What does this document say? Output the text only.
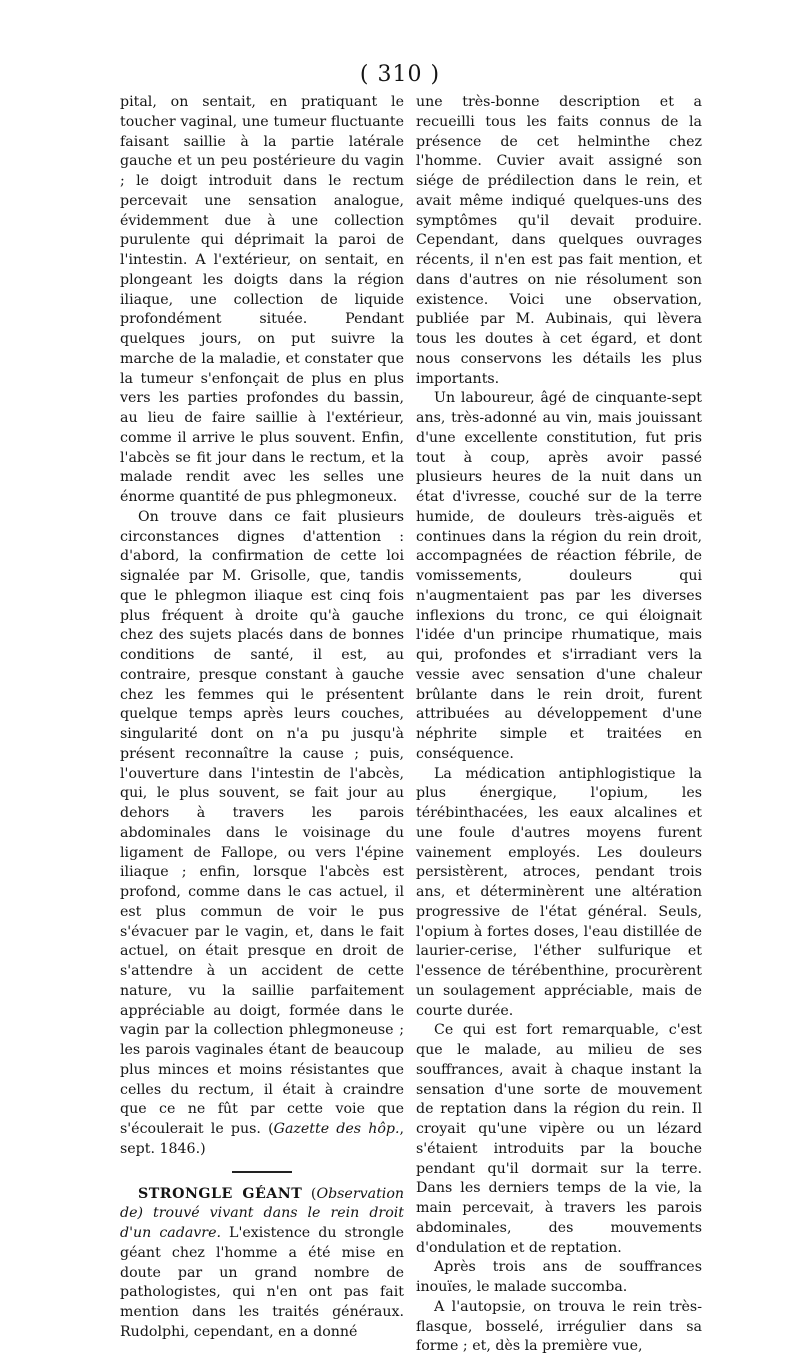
( 310 )

pital, on sentait, en pratiquant le toucher vaginal, une tumeur fluctuante faisant saillie à la partie latérale gauche et un peu postérieure du vagin ; le doigt introduit dans le rectum percevait une sensation analogue, évidemment due à une collection purulente qui déprimait la paroi de l'intestin. A l'extérieur, on sentait, en plongeant les doigts dans la région iliaque, une collection de liquide profondément située. Pendant quelques jours, on put suivre la marche de la maladie, et constater que la tumeur s'enfonçait de plus en plus vers les parties profondes du bassin, au lieu de faire saillie à l'extérieur, comme il arrive le plus souvent. Enfin, l'abcès se fit jour dans le rectum, et la malade rendit avec les selles une énorme quantité de pus phlegmoneux.

On trouve dans ce fait plusieurs circonstances dignes d'attention : d'abord, la confirmation de cette loi signalée par M. Grisolle, que, tandis que le phlegmon iliaque est cinq fois plus fréquent à droite qu'à gauche chez des sujets placés dans de bonnes conditions de santé, il est, au contraire, presque constant à gauche chez les femmes qui le présentent quelque temps après leurs couches, singularité dont on n'a pu jusqu'à présent reconnaître la cause ; puis, l'ouverture dans l'intestin de l'abcès, qui, le plus souvent, se fait jour au dehors à travers les parois abdominales dans le voisinage du ligament de Fallope, ou vers l'épine iliaque ; enfin, lorsque l'abcès est profond, comme dans le cas actuel, il est plus commun de voir le pus s'évacuer par le vagin, et, dans le fait actuel, on était presque en droit de s'attendre à un accident de cette nature, vu la saillie parfaitement appréciable au doigt, formée dans le vagin par la collection phlegmoneuse ; les parois vaginales étant de beaucoup plus minces et moins résistantes que celles du rectum, il était à craindre que ce ne fût par cette voie que s'écoulerait le pus. (Gazette des hôp., sept. 1846.)

STRONGLE GÉANT (Observation de) trouvé vivant dans le rein droit d'un cadavre. L'existence du strongle géant chez l'homme a été mise en doute par un grand nombre de pathologistes, qui n'en ont pas fait mention dans les traités généraux. Rudolphi, cependant, en a donné

une très-bonne description et a recueilli tous les faits connus de la présence de cet helminthe chez l'homme. Cuvier avait assigné son siége de prédilection dans le rein, et avait même indiqué quelques-uns des symptômes qu'il devait produire. Cependant, dans quelques ouvrages récents, il n'en est pas fait mention, et dans d'autres on nie résolument son existence. Voici une observation, publiée par M. Aubinais, qui lèvera tous les doutes à cet égard, et dont nous conservons les détails les plus importants.

Un laboureur, âgé de cinquante-sept ans, très-adonné au vin, mais jouissant d'une excellente constitution, fut pris tout à coup, après avoir passé plusieurs heures de la nuit dans un état d'ivresse, couché sur de la terre humide, de douleurs très-aiguës et continues dans la région du rein droit, accompagnées de réaction fébrile, de vomissements, douleurs qui n'augmentaient pas par les diverses inflexions du tronc, ce qui éloignait l'idée d'un principe rhumatique, mais qui, profondes et s'irradiant vers la vessie avec sensation d'une chaleur brûlante dans le rein droit, furent attribuées au développement d'une néphrite simple et traitées en conséquence.

La médication antiphlogistique la plus énergique, l'opium, les térébinthacées, les eaux alcalines et une foule d'autres moyens furent vainement employés. Les douleurs persistèrent, atroces, pendant trois ans, et déterminèrent une altération progressive de l'état général. Seuls, l'opium à fortes doses, l'eau distillée de laurier-cerise, l'éther sulfurique et l'essence de térébenthine, procurèrent un soulagement appréciable, mais de courte durée.

Ce qui est fort remarquable, c'est que le malade, au milieu de ses souffrances, avait à chaque instant la sensation d'une sorte de mouvement de reptation dans la région du rein. Il croyait qu'une vipère ou un lézard s'étaient introduits par la bouche pendant qu'il dormait sur la terre. Dans les derniers temps de la vie, la main percevait, à travers les parois abdominales, des mouvements d'ondulation et de reptation.

Après trois ans de souffrances inouïes, le malade succomba.

A l'autopsie, on trouva le rein très-flasque, bosselé, irrégulier dans sa forme ; et, dès la première vue,
